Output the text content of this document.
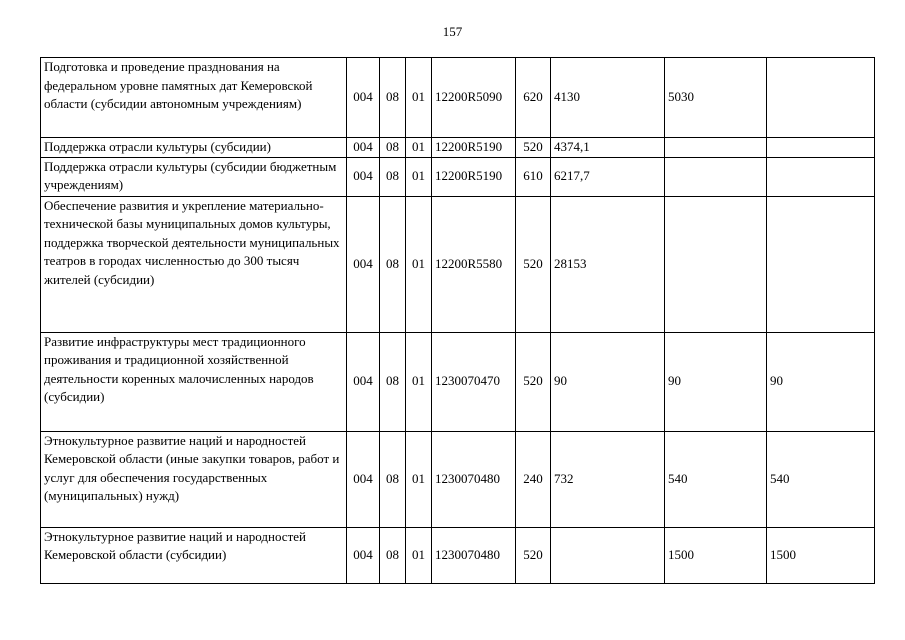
157
Подготовка и проведение празднования на федеральном уровне памятных дат Кемеровской области (субсидии автономным учреждениям)	004	08	01	12200R5090	620	4130	5030	
Поддержка отрасли культуры (субсидии)	004	08	01	12200R5190	520	4374,1		
Поддержка отрасли культуры (субсидии бюджетным учреждениям)	004	08	01	12200R5190	610	6217,7		
Обеспечение развития и укрепление материально-технической базы муниципальных домов культуры, поддержка творческой деятельности муниципальных театров в городах численностью до 300 тысяч жителей (субсидии)	004	08	01	12200R5580	520	28153		
Развитие инфраструктуры мест традиционного проживания и традиционной хозяйственной деятельности коренных малочисленных народов (субсидии)	004	08	01	1230070470	520	90	90	90
Этнокультурное развитие наций и народностей Кемеровской области (иные закупки товаров, работ и услуг для обеспечения государственных (муниципальных) нужд)	004	08	01	1230070480	240	732	540	540
Этнокультурное развитие наций и народностей Кемеровской области (субсидии)	004	08	01	1230070480	520		1500	1500
